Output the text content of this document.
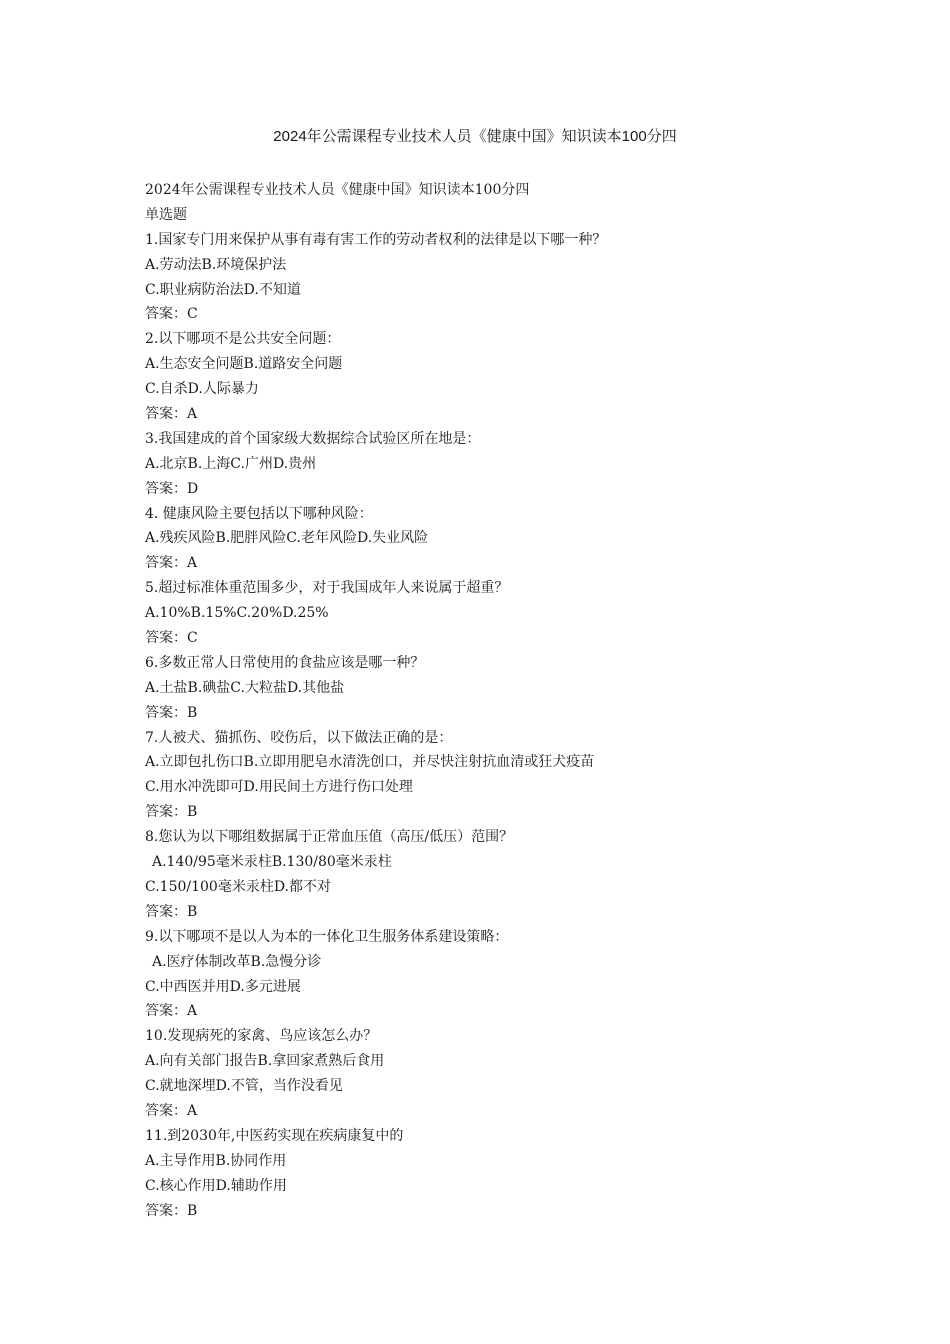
2024年公需课程专业技术人员《健康中国》知识读本100分四
2024年公需课程专业技术人员《健康中国》知识读本100分四
单选题
1.国家专门用来保护从事有毒有害工作的劳动者权利的法律是以下哪一种？
A.劳动法B.环境保护法
C.职业病防治法D.不知道
答案：C
2.以下哪项不是公共安全问题：
A.生态安全问题B.道路安全问题
C.自杀D.人际暴力
答案：A
3.我国建成的首个国家级大数据综合试验区所在地是：
A.北京B.上海C.广州D.贵州
答案：D
4. 健康风险主要包括以下哪种风险：
A.残疾风险B.肥胖风险C.老年风险D.失业风险
答案：A
5.超过标准体重范围多少，对于我国成年人来说属于超重？
A.10%B.15%C.20%D.25%
答案：C
6.多数正常人日常使用的食盐应该是哪一种？
A.土盐B.碘盐C.大粒盐D.其他盐
答案：B
7.人被犬、猫抓伤、咬伤后，以下做法正确的是：
A.立即包扎伤口B.立即用肥皂水清洗创口，并尽快注射抗血清或狂犬疫苗
C.用水冲洗即可D.用民间土方进行伤口处理
答案：B
8.您认为以下哪组数据属于正常血压值（高压/低压）范围？
A.140/95毫米汞柱B.130/80毫米汞柱
C.150/100毫米汞柱D.都不对
答案：B
9.以下哪项不是以人为本的一体化卫生服务体系建设策略：
A.医疗体制改革B.急慢分诊
C.中西医并用D.多元进展
答案：A
10.发现病死的家禽、鸟应该怎么办？
A.向有关部门报告B.拿回家煮熟后食用
C.就地深埋D.不管，当作没看见
答案：A
11.到2030年,中医药实现在疾病康复中的
A.主导作用B.协同作用
C.核心作用D.辅助作用
答案：B
